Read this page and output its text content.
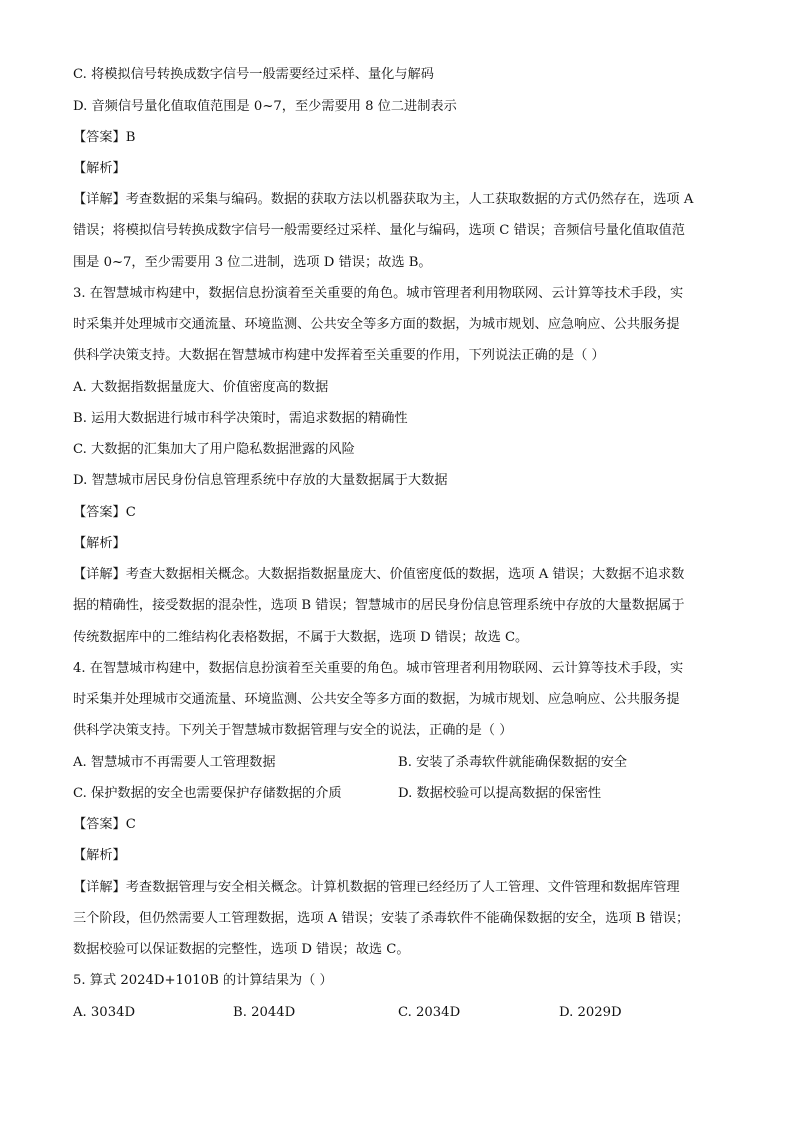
C. 将模拟信号转换成数字信号一般需要经过采样、量化与解码
D. 音频信号量化值取值范围是 0~7，至少需要用 8 位二进制表示
【答案】B
【解析】
【详解】考查数据的采集与编码。数据的获取方法以机器获取为主，人工获取数据的方式仍然存在，选项 A
错误；将模拟信号转换成数字信号一般需要经过采样、量化与编码，选项 C 错误；音频信号量化值取值范
围是 0~7，至少需要用 3 位二进制，选项 D 错误；故选 B。
3. 在智慧城市构建中，数据信息扮演着至关重要的角色。城市管理者利用物联网、云计算等技术手段，实
时采集并处理城市交通流量、环境监测、公共安全等多方面的数据，为城市规划、应急响应、公共服务提
供科学决策支持。大数据在智慧城市构建中发挥着至关重要的作用，下列说法正确的是（ ）
A. 大数据指数据量庞大、价值密度高的数据
B. 运用大数据进行城市科学决策时，需追求数据的精确性
C. 大数据的汇集加大了用户隐私数据泄露的风险
D. 智慧城市居民身份信息管理系统中存放的大量数据属于大数据
【答案】C
【解析】
【详解】考查大数据相关概念。大数据指数据量庞大、价值密度低的数据，选项 A 错误；大数据不追求数
据的精确性，接受数据的混杂性，选项 B 错误；智慧城市的居民身份信息管理系统中存放的大量数据属于
传统数据库中的二维结构化表格数据，不属于大数据，选项 D 错误；故选 C。
4. 在智慧城市构建中，数据信息扮演着至关重要的角色。城市管理者利用物联网、云计算等技术手段，实
时采集并处理城市交通流量、环境监测、公共安全等多方面的数据，为城市规划、应急响应、公共服务提
供科学决策支持。下列关于智慧城市数据管理与安全的说法，正确的是（ ）
A. 智慧城市不再需要人工管理数据	B. 安装了杀毒软件就能确保数据的安全
C. 保护数据的安全也需要保护存储数据的介质	D. 数据校验可以提高数据的保密性
【答案】C
【解析】
【详解】考查数据管理与安全相关概念。计算机数据的管理已经经历了人工管理、文件管理和数据库管理
三个阶段，但仍然需要人工管理数据，选项 A 错误；安装了杀毒软件不能确保数据的安全，选项 B 错误；
数据校验可以保证数据的完整性，选项 D 错误；故选 C。
5. 算式 2024D+1010B 的计算结果为（ ）
A. 3034D	B. 2044D	C. 2034D	D. 2029D
